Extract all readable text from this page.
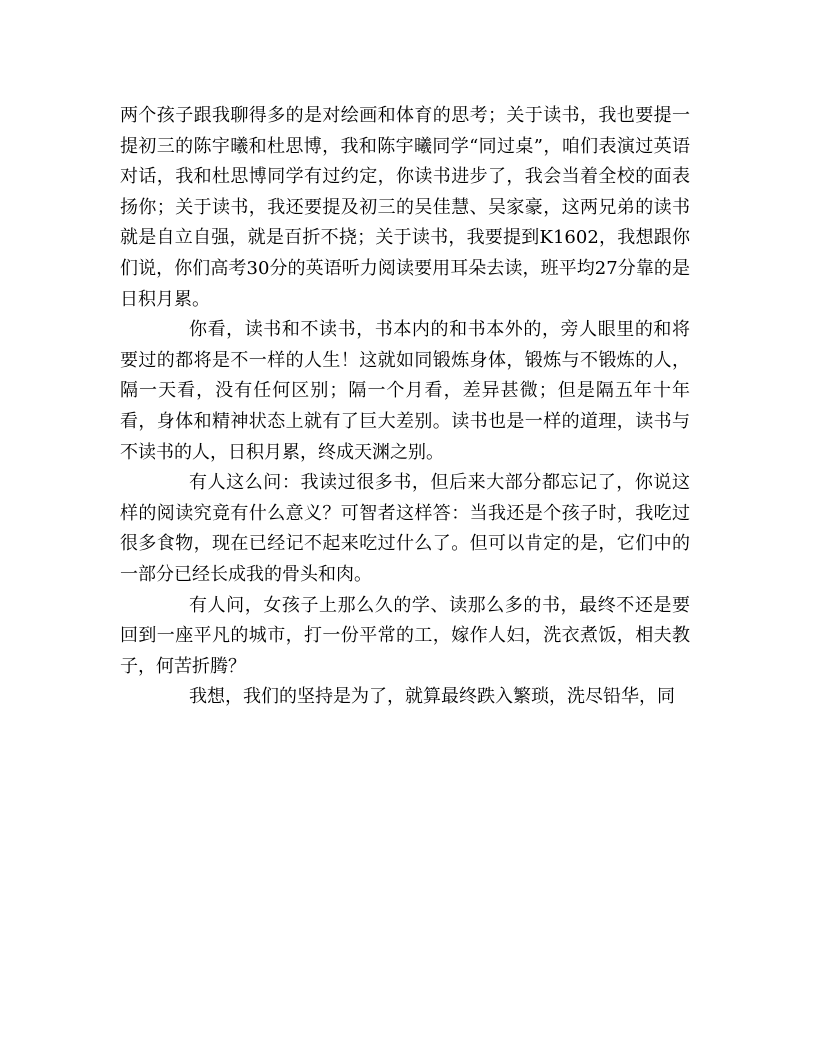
两个孩子跟我聊得多的是对绘画和体育的思考；关于读书，我也要提一提初三的陈宇曦和杜思博，我和陈宇曦同学“同过桌”，咱们表演过英语对话，我和杜思博同学有过约定，你读书进步了，我会当着全校的面表扬你；关于读书，我还要提及初三的吴佳慧、吴家豪，这两兄弟的读书就是自立自强，就是百折不挠；关于读书，我要提到K1602，我想跟你们说，你们高考30分的英语听力阅读要用耳朵去读，班平均27分靠的是日积月累。

你看，读书和不读书，书本内的和书本外的，旁人眼里的和将要过的都将是不一样的人生！这就如同锻炼身体，锻炼与不锻炼的人，隔一天看，没有任何区别；隔一个月看，差异甚微；但是隔五年十年看，身体和精神状态上就有了巨大差别。读书也是一样的道理，读书与不读书的人，日积月累，终成天渊之别。

有人这么问：我读过很多书，但后来大部分都忘记了，你说这样的阅读究竟有什么意义？可智者这样答：当我还是个孩子时，我吃过很多食物，现在已经记不起来吃过什么了。但可以肯定的是，它们中的一部分已经长成我的骨头和肉。

有人问，女孩子上那么久的学、读那么多的书，最终不还是要回到一座平凡的城市，打一份平常的工，嫁作人妇，洗衣煮饭，相夫教子，何苦折腾？

我想，我们的坚持是为了，就算最终跌入繁琐，洗尽铅华，同
